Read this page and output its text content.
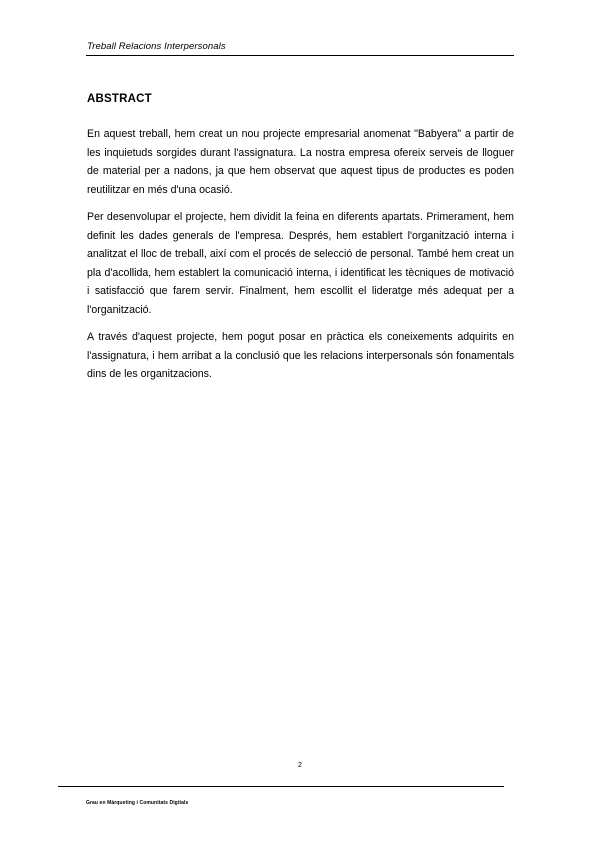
Treball Relacions Interpersonals
ABSTRACT

En aquest treball, hem creat un nou projecte empresarial anomenat "Babyera" a partir de les inquietuds sorgides durant l'assignatura. La nostra empresa ofereix serveis de lloguer de material per a nadons, ja que hem observat que aquest tipus de productes es poden reutilitzar en més d'una ocasió.

Per desenvolupar el projecte, hem dividit la feina en diferents apartats. Primerament, hem definit les dades generals de l'empresa. Després, hem establert l'organització interna i analitzat el lloc de treball, així com el procés de selecció de personal. També hem creat un pla d'acollida, hem establert la comunicació interna, i identificat les tècniques de motivació i satisfacció que farem servir. Finalment, hem escollit el lideratge més adequat per a l'organització.

A través d'aquest projecte, hem pogut posar en pràctica els coneixements adquirits en l'assignatura, i hem arribat a la conclusió que les relacions interpersonals són fonamentals dins de les organitzacions.

2
Grau en Màrqueting i Comunitats Digitals
